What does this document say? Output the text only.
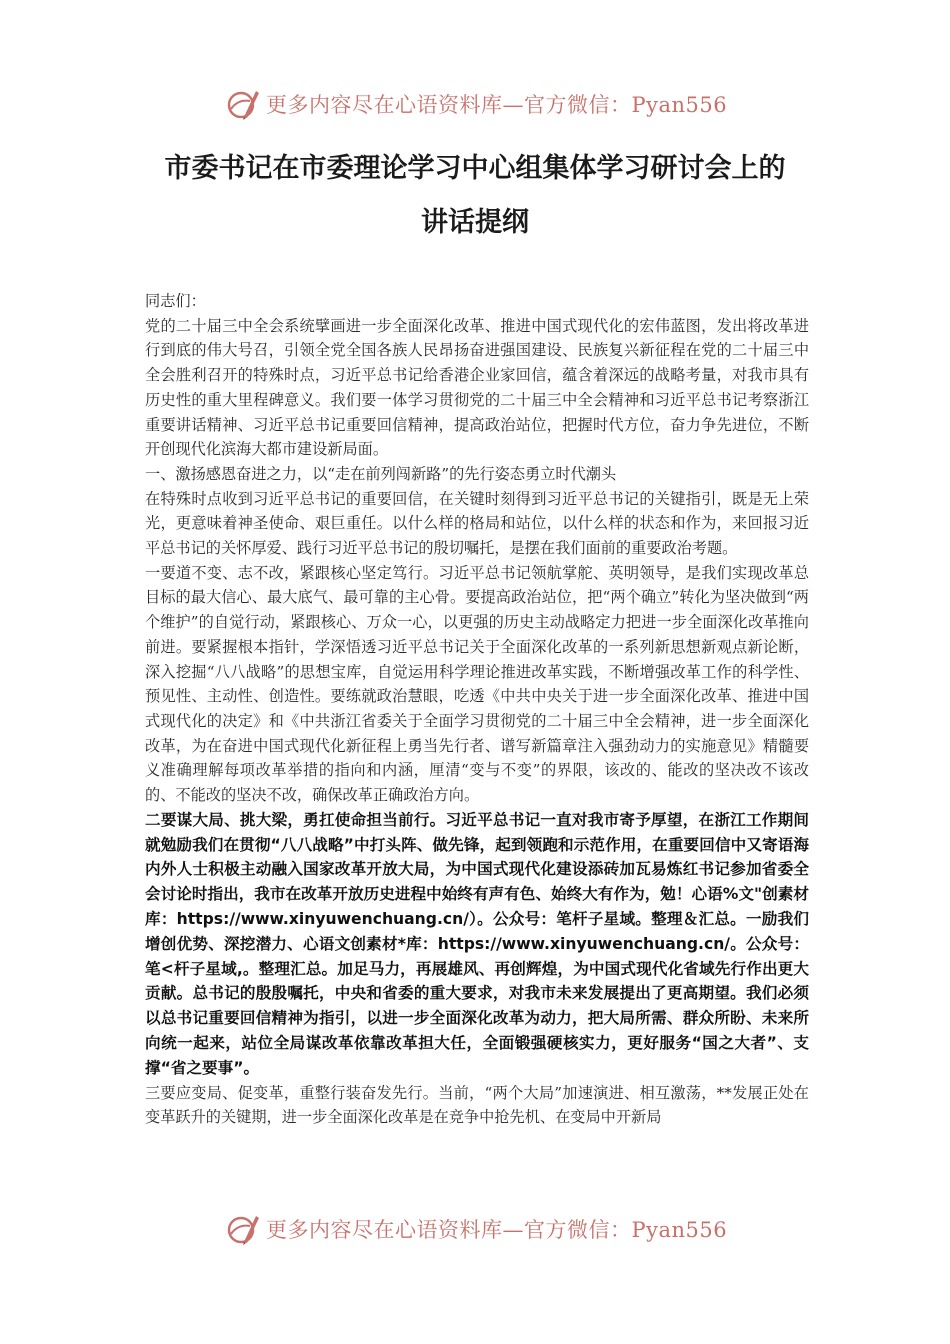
更多内容尽在心语资料库—官方微信：Pyan556
市委书记在市委理论学习中心组集体学习研讨会上的
讲话提纲

同志们：

党的二十届三中全会系统擘画进一步全面深化改革、推进中国式现代化的宏伟蓝图，发出将改革进行到底的伟大号召，引领全党全国各族人民昂扬奋进强国建设、民族复兴新征程在党的二十届三中全会胜利召开的特殊时点，习近平总书记给香港企业家回信，蕴含着深远的战略考量，对我市具有历史性的重大里程碑意义。我们要一体学习贯彻党的二十届三中全会精神和习近平总书记考察浙江重要讲话精神、习近平总书记重要回信精神，提高政治站位，把握时代方位，奋力争先进位，不断开创现代化滨海大都市建设新局面。

一、激扬感恩奋进之力，以“走在前列闯新路”的先行姿态勇立时代潮头

在特殊时点收到习近平总书记的重要回信，在关键时刻得到习近平总书记的关键指引，既是无上荣光，更意味着神圣使命、艰巨重任。以什么样的格局和站位，以什么样的状态和作为，来回报习近平总书记的关怀厚爱、践行习近平总书记的殷切嘱托，是摆在我们面前的重要政治考题。

一要道不变、志不改，紧跟核心坚定笃行。习近平总书记领航掌舵、英明领导，是我们实现改革总目标的最大信心、最大底气、最可靠的主心骨。要提高政治站位，把“两个确立”转化为坚决做到“两个维护”的自觉行动，紧跟核心、万众一心，以更强的历史主动战略定力把进一步全面深化改革推向前进。要紧握根本指针，学深悟透习近平总书记关于全面深化改革的一系列新思想新观点新论断，深入挖掘“八八战略”的思想宝库，自觉运用科学理论推进改革实践，不断增强改革工作的科学性、预见性、主动性、创造性。要练就政治慧眼，吃透《中共中央关于进一步全面深化改革、推进中国式现代化的决定》和《中共浙江省委关于全面学习贯彻党的二十届三中全会精神，进一步全面深化改革，为在奋进中国式现代化新征程上勇当先行者、谱写新篇章注入强劲动力的实施意见》精髓要义准确理解每项改革举措的指向和内涵，厘清“变与不变”的界限，该改的、能改的坚决改不该改的、不能改的坚决不改，确保改革正确政治方向。

二要谋大局、挑大梁，勇扛使命担当前行。习近平总书记一直对我市寄予厚望，在浙江工作期间就勉励我们在贯彻“八八战略”中打头阵、做先锋，起到领跑和示范作用，在重要回信中又寄语海内外人士积极主动融入国家改革开放大局，为中国式现代化建设添砖加瓦易炼红书记参加省委全会讨论时指出，我市在改革开放历史进程中始终有声有色、始终大有作为，勉！心语%文"创素材库：https://www.xinyuwenchuang.cn/）。公众号：笔杆子星域。整理＆汇总。一励我们增创优势、深挖潜力、心语文创素材*库：https://www.xinyuwenchuang.cn/。公众号：笔<杆子星域,。整理汇总。加足马力，再展雄风、再创辉煌，为中国式现代化省域先行作出更大贡献。总书记的殷殷嘱托，中央和省委的重大要求，对我市未来发展提出了更高期望。我们必须以总书记重要回信精神为指引，以进一步全面深化改革为动力，把大局所需、群众所盼、未来所向统一起来，站位全局谋改革依靠改革担大任，全面锻强硬核实力，更好服务“国之大者”、支撑“省之要事”。

三要应变局、促变革，重整行装奋发先行。当前，“两个大局”加速演进、相互激荡，**发展正处在变革跃升的关键期，进一步全面深化改革是在竞争中抢先机、在变局中开新局

更多内容尽在心语资料库—官方微信：Pyan556
